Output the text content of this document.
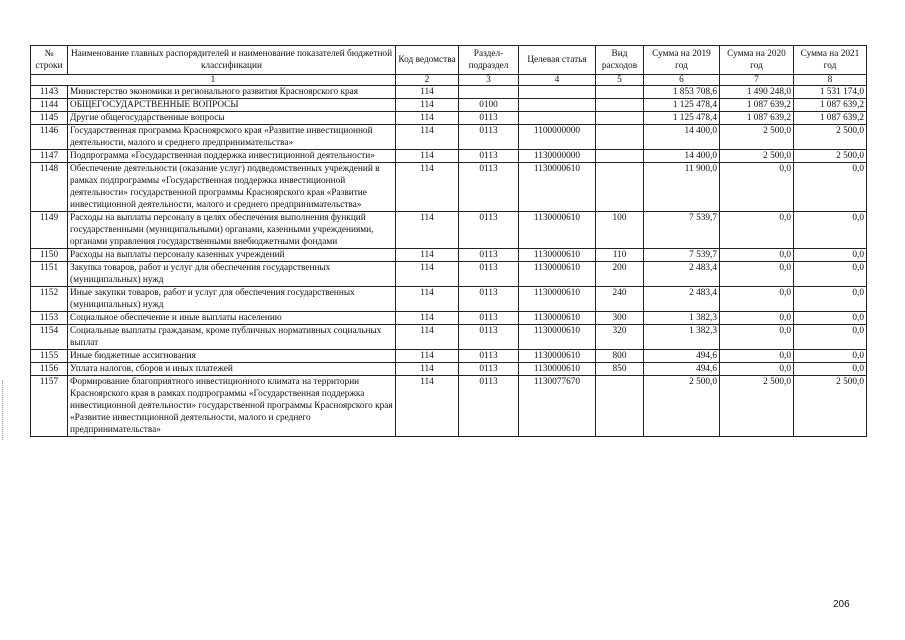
№ строки	Наименование главных распорядителей и наименование показателей бюджетной классификации	Код ведомства	Раздел-подраздел	Целевая статья	Вид расходов	Сумма на 2019 год	Сумма на 2020 год	Сумма на 2021 год
1		2	3	4	5	6	7	8
1143	Министерство экономики и регионального развития Красноярского края	114				1 853 708,6	1 490 248,0	1 531 174,0
1144	ОБЩЕГОСУДАРСТВЕННЫЕ ВОПРОСЫ	114	0100			1 125 478,4	1 087 639,2	1 087 639,2
1145	Другие общегосударственные вопросы	114	0113			1 125 478,4	1 087 639,2	1 087 639,2
1146	Государственная программа Красноярского края «Развитие инвестиционной деятельности, малого и среднего предпринимательства»	114	0113	1100000000		14 400,0	2 500,0	2 500,0
1147	Подпрограмма «Государственная поддержка инвестиционной деятельности»	114	0113	1130000000		14 400,0	2 500,0	2 500,0
1148	Обеспечение деятельности (оказание услуг) подведомственных учреждений в рамках подпрограммы «Государственная поддержка инвестиционной деятельности» государственной программы Красноярского края «Развитие инвестиционной деятельности, малого и среднего предпринимательства»	114	0113	1130000610		11 900,0	0,0	0,0
1149	Расходы на выплаты персоналу в целях обеспечения выполнения функций государственными (муниципальными) органами, казенными учреждениями, органами управления государственными внебюджетными фондами	114	0113	1130000610	100	7 539,7	0,0	0,0
1150	Расходы на выплаты персоналу казенных учреждений	114	0113	1130000610	110	7 539,7	0,0	0,0
1151	Закупка товаров, работ и услуг для обеспечения государственных (муниципальных) нужд	114	0113	1130000610	200	2 483,4	0,0	0,0
1152	Иные закупки товаров, работ и услуг для обеспечения государственных (муниципальных) нужд	114	0113	1130000610	240	2 483,4	0,0	0,0
1153	Социальное обеспечение и иные выплаты населению	114	0113	1130000610	300	1 382,3	0,0	0,0
1154	Социальные выплаты гражданам, кроме публичных нормативных социальных выплат	114	0113	1130000610	320	1 382,3	0,0	0,0
1155	Иные бюджетные ассигнования	114	0113	1130000610	800	494,6	0,0	0,0
1156	Уплата налогов, сборов и иных платежей	114	0113	1130000610	850	494,6	0,0	0,0
1157	Формирование благоприятного инвестиционного климата на территории Красноярского края в рамках подпрограммы «Государственная поддержка инвестиционной деятельности» государственной программы Красноярского края «Развитие инвестиционной деятельности, малого и среднего предпринимательства»	114	0113	1130077670		2 500,0	2 500,0	2 500,0
206
